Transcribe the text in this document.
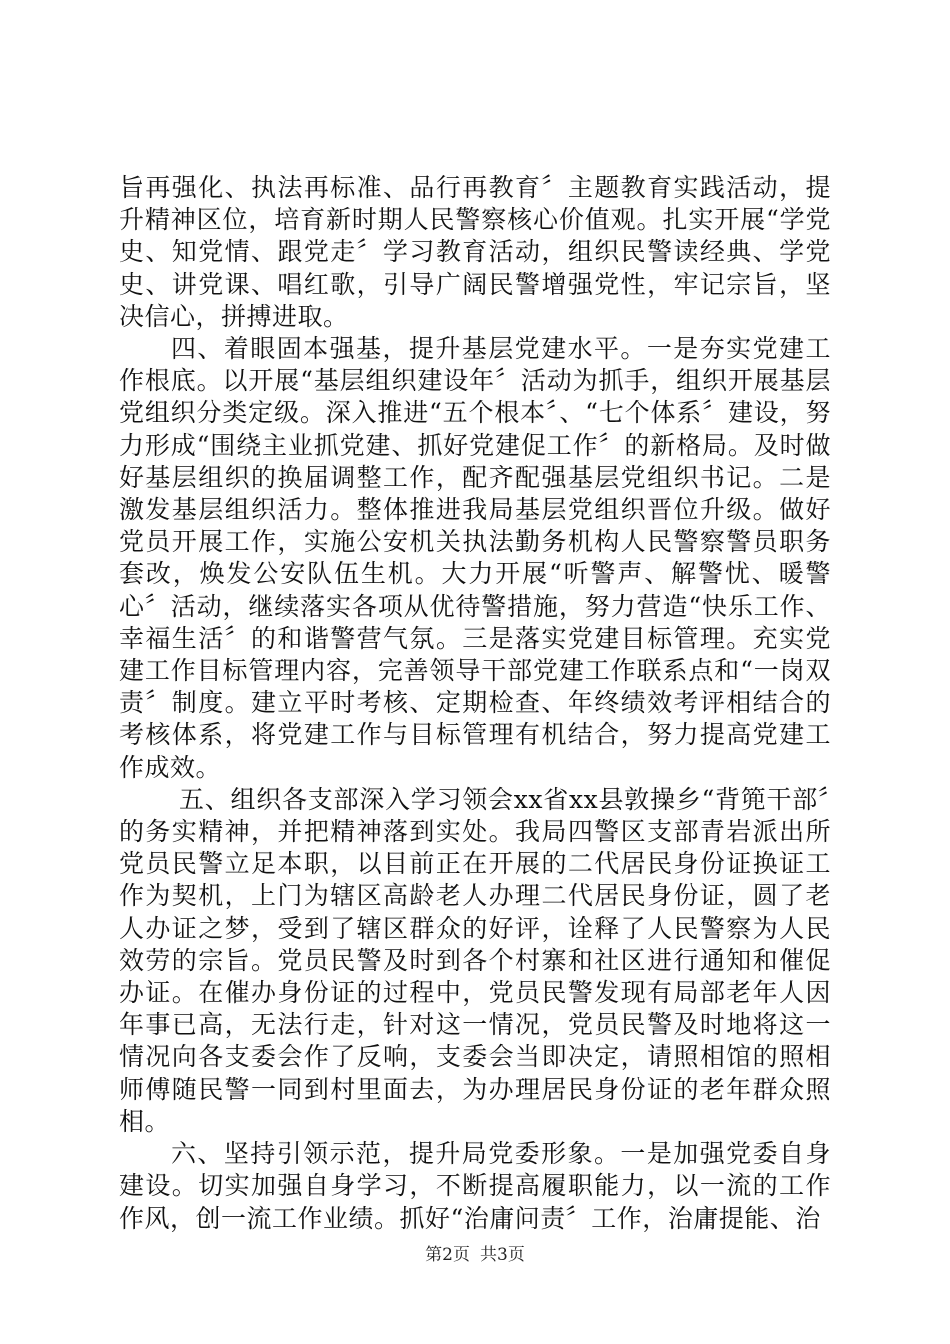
旨再强化、执法再标准、品行再教育〞主题教育实践活动，提升精神区位，培育新时期人民警察核心价值观。扎实开展“学党史、知党情、跟党走〞学习教育活动，组织民警读经典、学党史、讲党课、唱红歌，引导广阔民警增强党性，牢记宗旨，坚决信心，拼搏进取。

四、着眼固本强基，提升基层党建水平。一是夯实党建工作根底。以开展“基层组织建设年〞活动为抓手，组织开展基层党组织分类定级。深入推进“五个根本〞、“七个体系〞建设，努力形成“围绕主业抓党建、抓好党建促工作〞的新格局。及时做好基层组织的换届调整工作，配齐配强基层党组织书记。二是激发基层组织活力。整体推进我局基层党组织晋位升级。做好党员开展工作，实施公安机关执法勤务机构人民警察警员职务套改，焕发公安队伍生机。大力开展“听警声、解警忧、暖警心〞活动，继续落实各项从优待警措施，努力营造“快乐工作、幸福生活〞的和谐警营气氛。三是落实党建目标管理。充实党建工作目标管理内容，完善领导干部党建工作联系点和“一岗双责〞制度。建立平时考核、定期检查、年终绩效考评相结合的考核体系，将党建工作与目标管理有机结合，努力提高党建工作成效。

五、组织各支部深入学习领会xx省xx县敦操乡“背篼干部〞的务实精神，并把精神落到实处。我局四警区支部青岩派出所党员民警立足本职，以目前正在开展的二代居民身份证换证工作为契机，上门为辖区高龄老人办理二代居民身份证，圆了老人办证之梦，受到了辖区群众的好评，诠释了人民警察为人民效劳的宗旨。党员民警及时到各个村寨和社区进行通知和催促办证。在催办身份证的过程中，党员民警发现有局部老年人因年事已高，无法行走，针对这一情况，党员民警及时地将这一情况向各支委会作了反响，支委会当即决定，请照相馆的照相师傅随民警一同到村里面去，为办理居民身份证的老年群众照相。

六、坚持引领示范，提升局党委形象。一是加强党委自身建设。切实加强自身学习，不断提高履职能力，以一流的工作作风，创一流工作业绩。抓好“治庸问责〞工作，治庸提能、治

第2页 共3页
